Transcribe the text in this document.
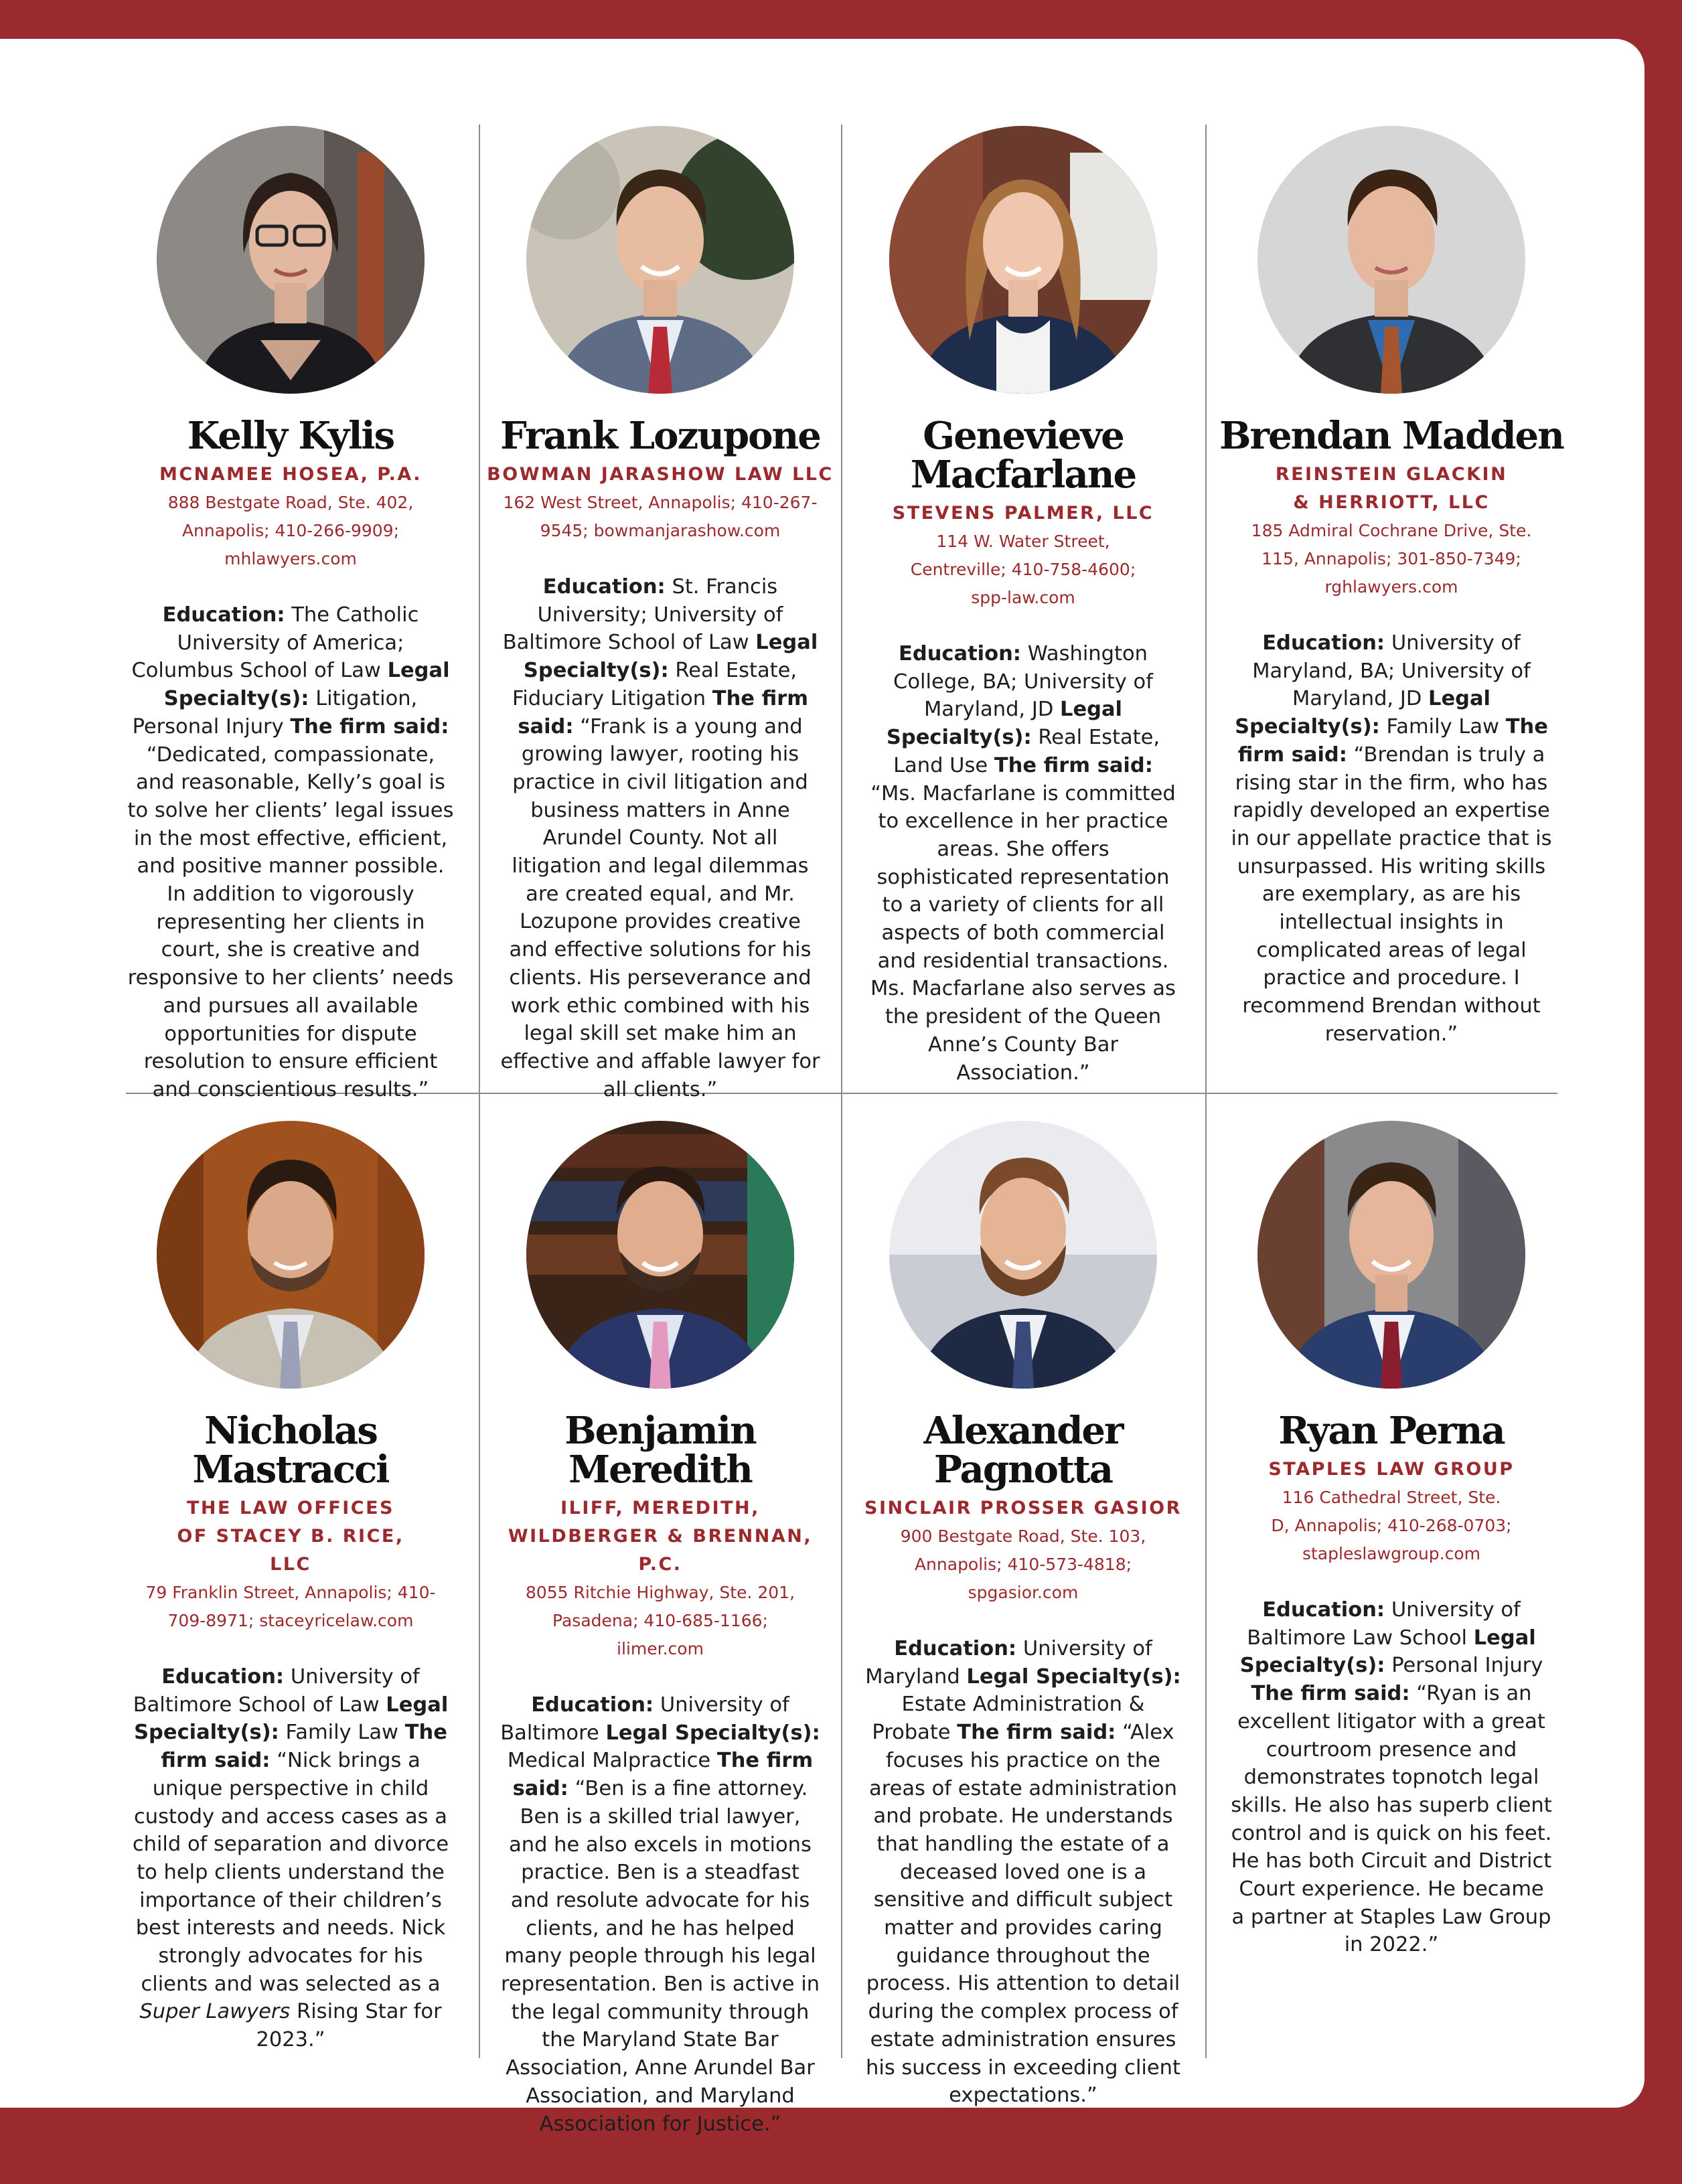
Kelly Kylis
MCNAMEE HOSEA, P.A.
888 Bestgate Road, Ste. 402, Annapolis; 410-266-9909; mhlawyers.com
Education: The Catholic University of America; Columbus School of Law Legal Specialty(s): Litigation, Personal Injury The firm said: “Dedicated, compassionate, and reasonable, Kelly’s goal is to solve her clients’ legal issues in the most effective, efficient, and positive manner possible. In addition to vigorously representing her clients in court, she is creative and responsive to her clients’ needs and pursues all available opportunities for dispute resolution to ensure efficient and conscientious results.”
Frank Lozupone
BOWMAN JARASHOW LAW LLC
162 West Street, Annapolis; 410-267-9545; bowmanjarashow.com
Education: St. Francis University; University of Baltimore School of Law Legal Specialty(s): Real Estate, Fiduciary Litigation The firm said: “Frank is a young and growing lawyer, rooting his practice in civil litigation and business matters in Anne Arundel County. Not all litigation and legal dilemmas are created equal, and Mr. Lozupone provides creative and effective solutions for his clients. His perseverance and work ethic combined with his legal skill set make him an effective and affable lawyer for all clients.”
Genevieve Macfarlane
STEVENS PALMER, LLC
114 W. Water Street, Centreville; 410-758-4600; spp-law.com
Education: Washington College, BA; University of Maryland, JD Legal Specialty(s): Real Estate, Land Use The firm said: “Ms. Macfarlane is committed to excellence in her practice areas. She offers sophisticated representation to a variety of clients for all aspects of both commercial and residential transactions. Ms. Macfarlane also serves as the president of the Queen Anne’s County Bar Association.”
Brendan Madden
REINSTEIN GLACKIN & HERRIOTT, LLC
185 Admiral Cochrane Drive, Ste. 115, Annapolis; 301-850-7349; rghlawyers.com
Education: University of Maryland, BA; University of Maryland, JD Legal Specialty(s): Family Law The firm said: “Brendan is truly a rising star in the firm, who has rapidly developed an expertise in our appellate practice that is unsurpassed. His writing skills are exemplary, as are his intellectual insights in complicated areas of legal practice and procedure. I recommend Brendan without reservation.”
Nicholas Mastracci
THE LAW OFFICES OF STACEY B. RICE, LLC
79 Franklin Street, Annapolis; 410-709-8971; staceyricelaw.com
Education: University of Baltimore School of Law Legal Specialty(s): Family Law The firm said: “Nick brings a unique perspective in child custody and access cases as a child of separation and divorce to help clients understand the importance of their children’s best interests and needs. Nick strongly advocates for his clients and was selected as a Super Lawyers Rising Star for 2023.”
Benjamin Meredith
ILIFF, MEREDITH, WILDBERGER & BRENNAN, P.C.
8055 Ritchie Highway, Ste. 201, Pasadena; 410-685-1166; ilimer.com
Education: University of Baltimore Legal Specialty(s): Medical Malpractice The firm said: “Ben is a fine attorney. Ben is a skilled trial lawyer, and he also excels in motions practice. Ben is a steadfast and resolute advocate for his clients, and he has helped many people through his legal representation. Ben is active in the legal community through the Maryland State Bar Association, Anne Arundel Bar Association, and Maryland Association for Justice.”
Alexander Pagnotta
SINCLAIR PROSSER GASIOR
900 Bestgate Road, Ste. 103, Annapolis; 410-573-4818; spgasior.com
Education: University of Maryland Legal Specialty(s): Estate Administration & Probate The firm said: “Alex focuses his practice on the areas of estate administration and probate. He understands that handling the estate of a deceased loved one is a sensitive and difficult subject matter and provides caring guidance throughout the process. His attention to detail during the complex process of estate administration ensures his success in exceeding client expectations.”
Ryan Perna
STAPLES LAW GROUP
116 Cathedral Street, Ste. D, Annapolis; 410-268-0703; stapleslawgroup.com
Education: University of Baltimore Law School Legal Specialty(s): Personal Injury The firm said: “Ryan is an excellent litigator with a great courtroom presence and demonstrates topnotch legal skills. He also has superb client control and is quick on his feet. He has both Circuit and District Court experience. He became a partner at Staples Law Group in 2022.”
